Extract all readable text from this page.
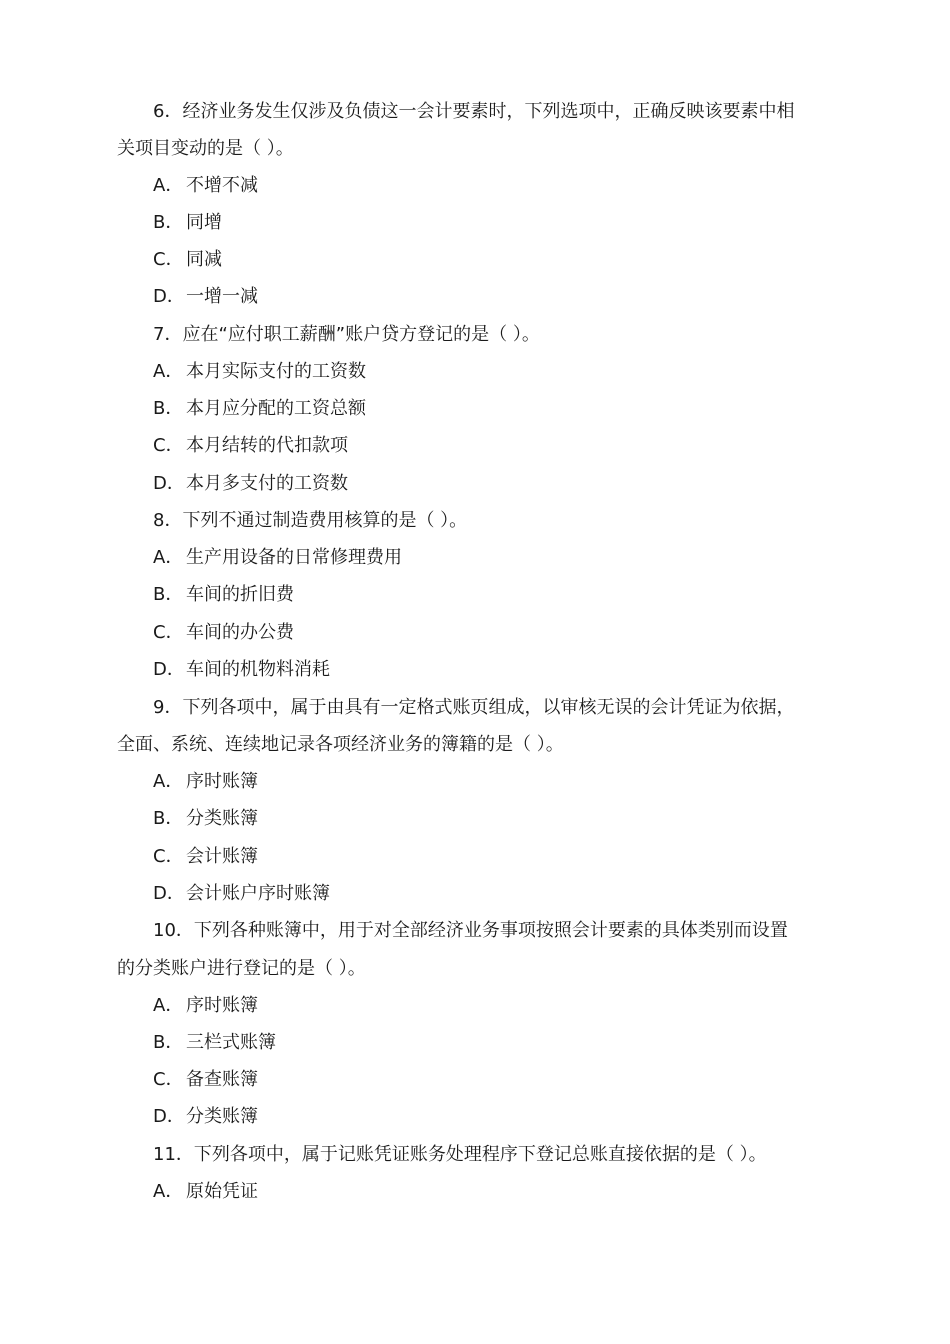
6．经济业务发生仅涉及负债这一会计要素时，下列选项中，正确反映该要素中相
关项目变动的是（ ）。
A． 不增不减
B． 同增
C． 同减
D．一增一减
7．应在“应付职工薪酬”账户贷方登记的是（ ）。
A． 本月实际支付的工资数
B． 本月应分配的工资总额
C． 本月结转的代扣款项
D．本月多支付的工资数
8．下列不通过制造费用核算的是（ ）。
A． 生产用设备的日常修理费用
B． 车间的折旧费
C． 车间的办公费
D．车间的机物料消耗
9．下列各项中，属于由具有一定格式账页组成，以审核无误的会计凭证为依据，
全面、系统、连续地记录各项经济业务的簿籍的是（ ）。
A． 序时账簿
B． 分类账簿
C． 会计账簿
D．会计账户序时账簿
10．下列各种账簿中，用于对全部经济业务事项按照会计要素的具体类别而设置
的分类账户进行登记的是（ ）。
A． 序时账簿
B． 三栏式账簿
C． 备查账簿
D．分类账簿
11．下列各项中，属于记账凭证账务处理程序下登记总账直接依据的是（ ）。
A． 原始凭证
